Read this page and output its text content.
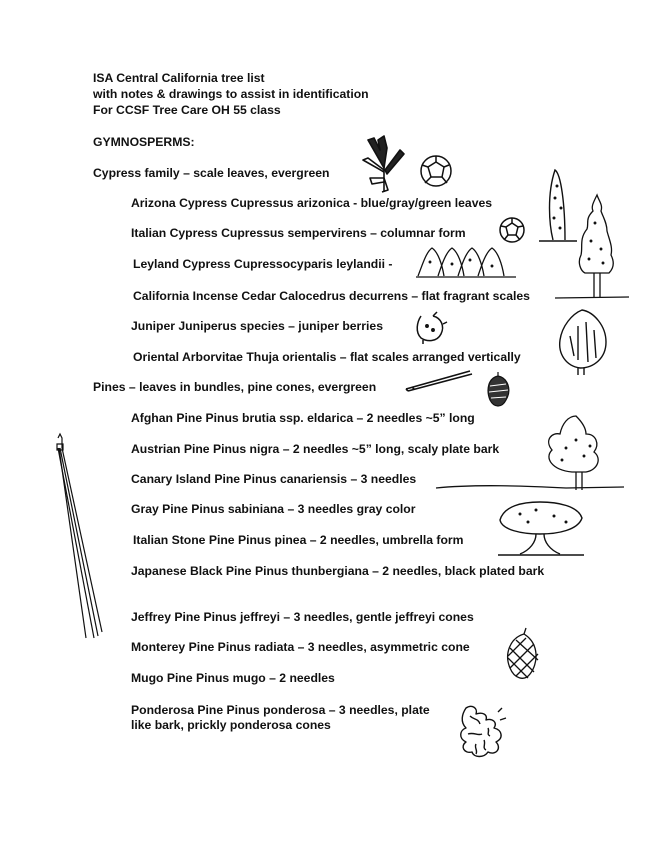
ISA Central California tree list
with notes & drawings to assist in identification
For CCSF Tree Care OH 55 class
GYMNOSPERMS:
Cypress family – scale leaves, evergreen
Arizona Cypress Cupressus arizonica - blue/gray/green leaves
Italian Cypress Cupressus sempervirens – columnar form
Leyland Cypress Cupressocyparis leylandii -
California Incense Cedar Calocedrus decurrens – flat fragrant scales
Juniper Juniperus species – juniper berries
Oriental Arborvitae Thuja orientalis – flat scales arranged vertically
Pines – leaves in bundles, pine cones, evergreen
Afghan Pine Pinus brutia ssp. eldarica – 2 needles ~5” long
Austrian Pine Pinus nigra – 2 needles ~5” long, scaly plate bark
Canary Island Pine Pinus canariensis – 3 needles
Gray Pine Pinus sabiniana – 3 needles gray color
Italian Stone Pine Pinus pinea – 2 needles, umbrella form
Japanese Black Pine Pinus thunbergiana – 2 needles, black plated bark
Jeffrey Pine Pinus jeffreyi – 3 needles, gentle jeffreyi cones
Monterey Pine Pinus radiata – 3 needles, asymmetric cone
Mugo Pine Pinus mugo – 2 needles
Ponderosa Pine Pinus ponderosa – 3 needles, plate like bark, prickly ponderosa cones
